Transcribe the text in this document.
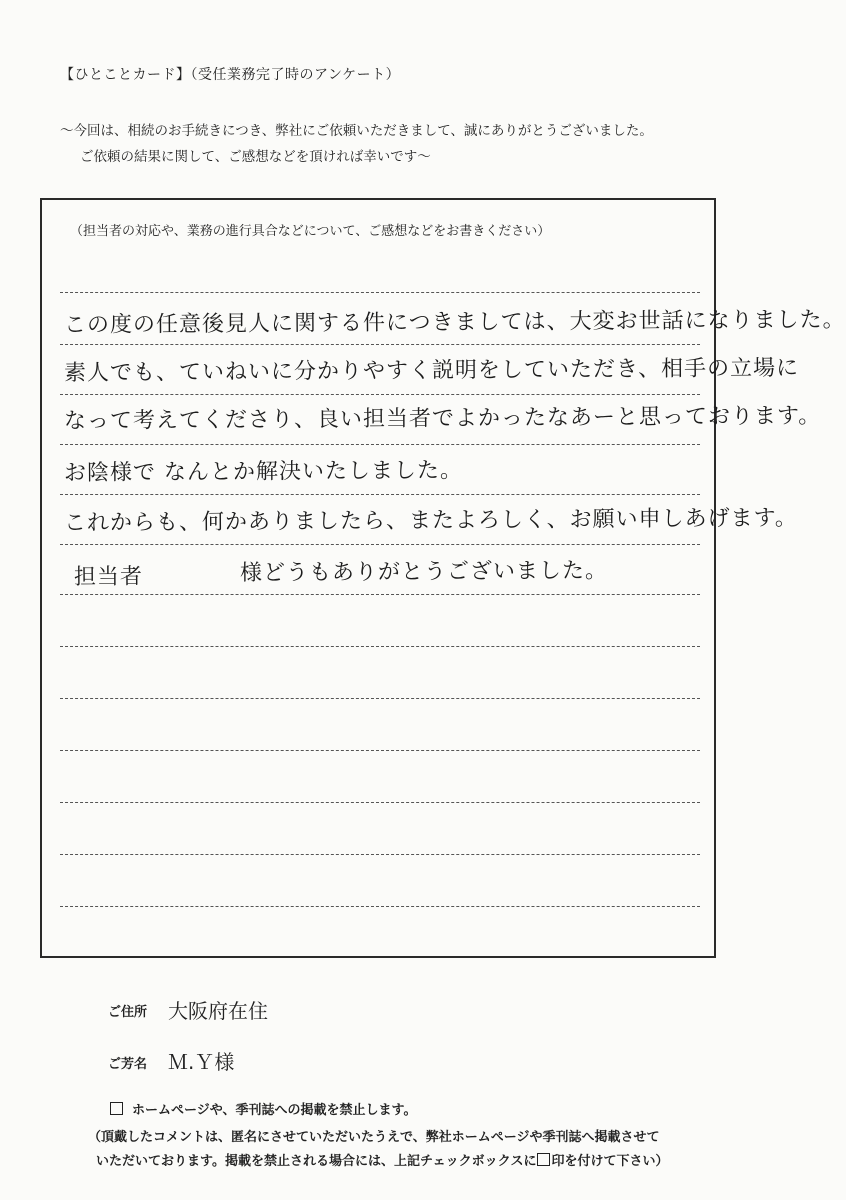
【ひとことカード】（受任業務完了時のアンケート）
～今回は、相続のお手続きにつき、弊社にご依頼いただきまして、誠にありがとうございました。
ご依頼の結果に関して、ご感想などを頂ければ幸いです～
（担当者の対応や、業務の進行具合などについて、ご感想などをお書きください）
この度の任意後見人に関する件につきましては、大変お世話になりました。
素人でも、ていねいに分かりやすく説明をしていただき、相手の立場に
なって考えてくださり、良い担当者でよかったなあーと思っております。
お陰様で なんとか解決いたしました。
これからも、何かありましたら、またよろしく、お願い申しあげます。
担当者	様どうもありがとうございました。
ご住所 大阪府在住
ご芳名 Ｍ.Ｙ様
ホームページや、季刊誌への掲載を禁止します。
（頂戴したコメントは、匿名にさせていただいたうえで、弊社ホームページや季刊誌へ掲載させて
いただいております。掲載を禁止される場合には、上記チェックボックスに 印を付けて下さい）
